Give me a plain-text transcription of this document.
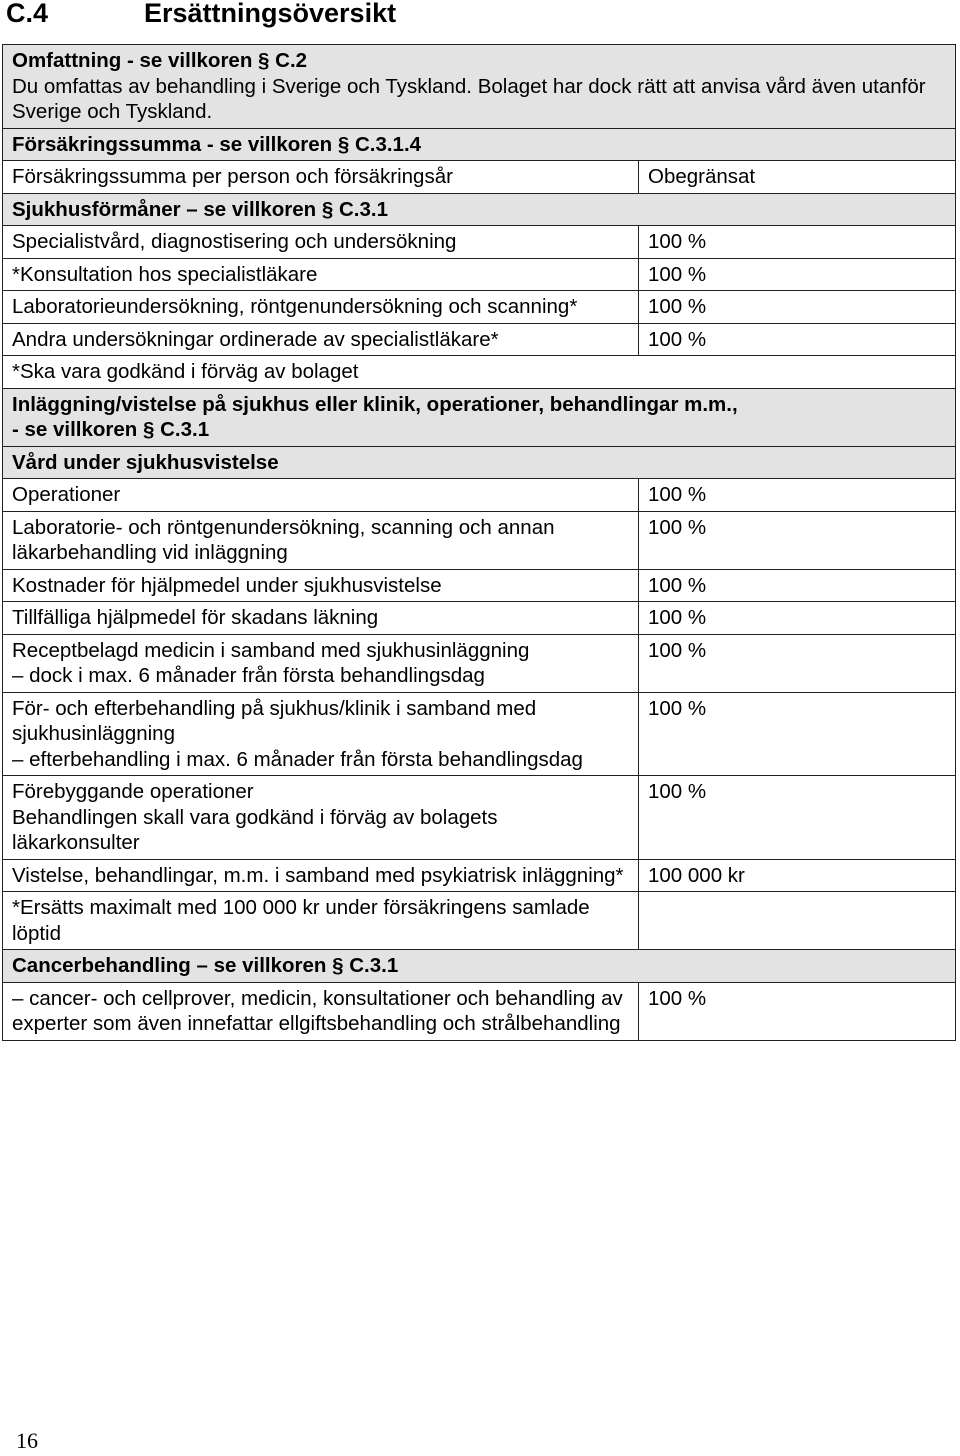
C.4	Ersättningsöversikt
Omfattning - se villkoren § C.2
Du omfattas av behandling i Sverige och Tyskland. Bolaget har dock rätt att anvisa vård även utanför Sverige och Tyskland.	

Försäkringssumma - se villkoren § C.3.1.4	
Försäkringssumma per person och försäkringsår	Obegränsat
Sjukhusförmåner – se villkoren § C.3.1	
Specialistvård, diagnostisering och undersökning	100 %
*Konsultation hos specialistläkare	100 %
Laboratorieundersökning, röntgenundersökning och scanning*	100 %
Andra undersökningar ordinerade av specialistläkare*	100 %
*Ska vara godkänd i förväg av bolaget	

Inläggning/vistelse på sjukhus eller klinik, operationer, behandlingar m.m.,
- se villkoren § C.3.1	

Vård under sjukhusvistelse	

Operationer	100 %

Laboratorie- och röntgenundersökning, scanning och annan läkarbehandling vid inläggning	100 %

Kostnader för hjälpmedel under sjukhusvistelse	100 %

Tillfälliga hjälpmedel för skadans läkning	100 %

Receptbelagd medicin i samband med sjukhusinläggning
– dock i max. 6 månader från första behandlingsdag	100 %

För- och efterbehandling på sjukhus/klinik i samband med sjukhusinläggning
– efterbehandling i max. 6 månader från första behandlingsdag	100 %

Förebyggande operationer
Behandlingen skall vara godkänd i förväg av bolagets läkarkonsulter	100 %

Vistelse, behandlingar, m.m. i samband med psykiatrisk inläggning*	100 000 kr

*Ersätts maximalt med 100 000 kr under försäkringens samlade löptid	

Cancerbehandling – se villkoren § C.3.1	
– cancer- och cellprover, medicin, konsultationer och behandling av experter som även innefattar ellgiftsbehandling och strålbehandling	100 %
16
